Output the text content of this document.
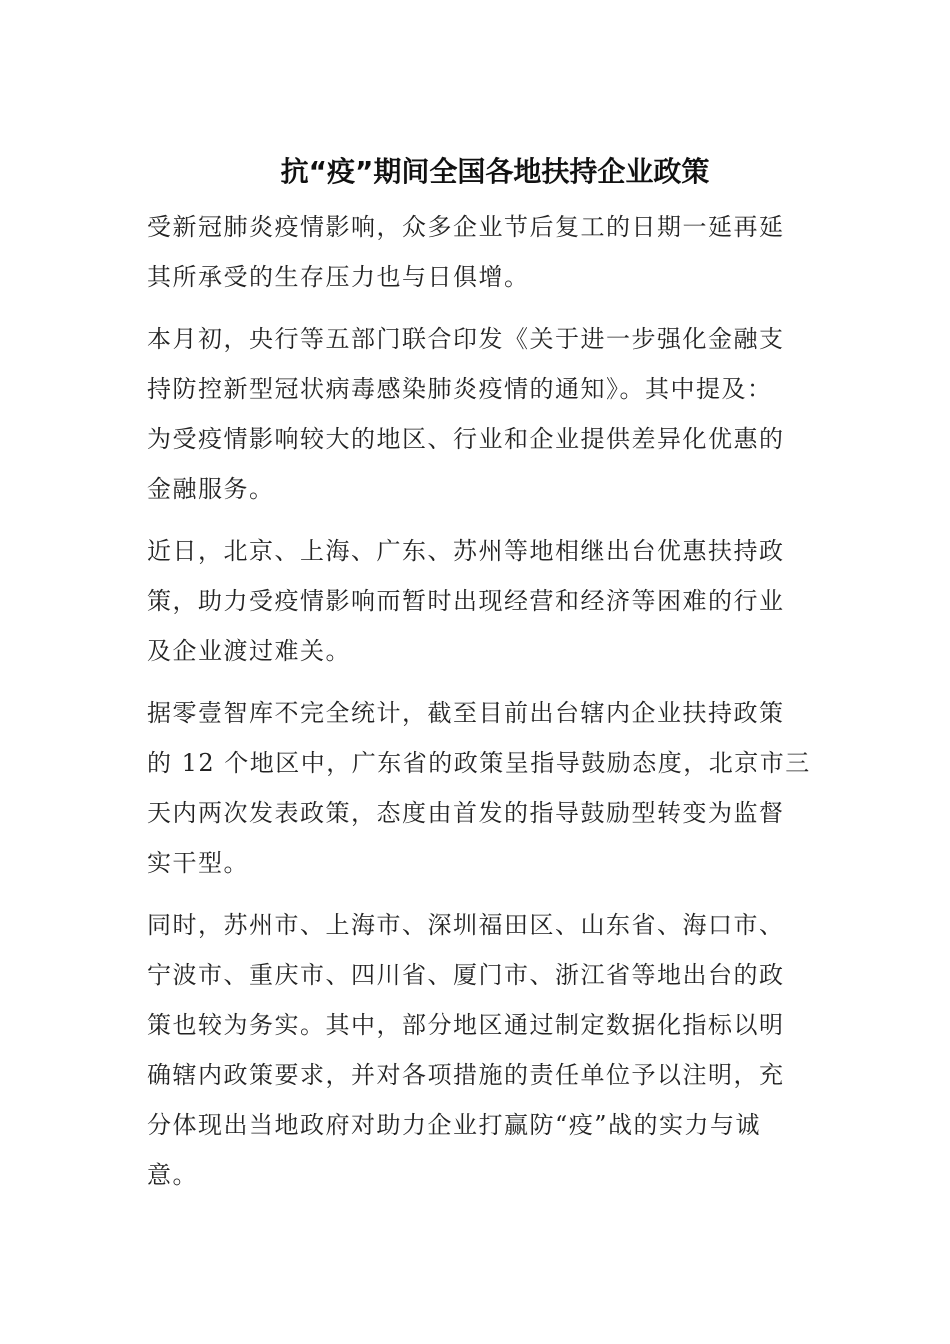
抗“疫”期间全国各地扶持企业政策

受新冠肺炎疫情影响，众多企业节后复工的日期一延再延
其所承受的生存压力也与日俱增。

本月初，央行等五部门联合印发《关于进一步强化金融支
持防控新型冠状病毒感染肺炎疫情的通知》。其中提及：
为受疫情影响较大的地区、行业和企业提供差异化优惠的
金融服务。

近日，北京、上海、广东、苏州等地相继出台优惠扶持政
策，助力受疫情影响而暂时出现经营和经济等困难的行业
及企业渡过难关。

据零壹智库不完全统计，截至目前出台辖内企业扶持政策
的 12 个地区中，广东省的政策呈指导鼓励态度，北京市三
天内两次发表政策，态度由首发的指导鼓励型转变为监督
实干型。

同时，苏州市、上海市、深圳福田区、山东省、海口市、
宁波市、重庆市、四川省、厦门市、浙江省等地出台的政
策也较为务实。其中，部分地区通过制定数据化指标以明
确辖内政策要求，并对各项措施的责任单位予以注明，充
分体现出当地政府对助力企业打赢防“疫”战的实力与诚
意。
